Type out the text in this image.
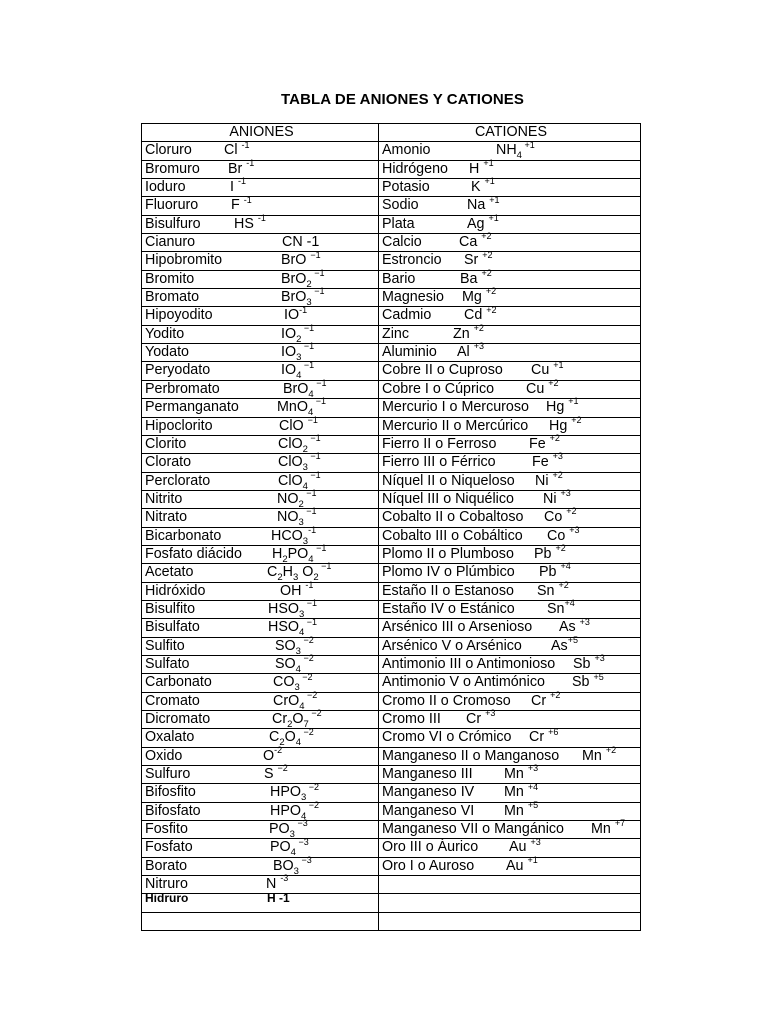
TABLA DE ANIONES Y CATIONES
ANIONES	CATIONES

Cloruro Cl $^{-1}$	Amonio $NH_4$ $^{+1}$

Bromuro Br $^{-1}$	Hidrógeno H $^{+1}$

Ioduro I $^{-1}$	Potasio K $^{+1}$

Fluoruro F $^{-1}$	Sodio Na $^{+1}$

Bisulfuro HS $^{-1}$	Plata Ag $^{+1}$

Cianuro CN -1	Calcio Ca $^{+2}$

Hipobromito BrO $^{-1}$	Estroncio Sr $^{+2}$

Bromito BrO$_2$ $^{-1}$	Bario Ba $^{+2}$

Bromato BrO$_3$ $^{-1}$	Magnesio Mg $^{+2}$

Hipoyodito $IO^{-1}$	Cadmio Cd $^{+2}$

Yodito $IO_2$ $^{-1}$	Zinc Zn $^{+2}$

Yodato $IO_3$ $^{-1}$	Aluminio Al $^{+3}$

Peryodato $IO_4$ $^{-1}$	Cobre II o Cuproso Cu $^{+1}$

Perbromato BrO$_4$ $^{-1}$	Cobre I o Cúprico Cu $^{+2}$

Permanganato MnO$_4$ $^{-1}$	Mercurio I o Mercuroso Hg $^{+1}$

Hipoclorito ClO $^{-1}$	Mercurio II o Mercúrico Hg $^{+2}$

Clorito ClO$_2$ $^{-1}$	Fierro II o Ferroso Fe $^{+2}$

Clorato ClO$_3$ $^{-1}$	Fierro III o Férrico Fe $^{+3}$

Perclorato ClO$_4$ $^{-1}$	Níquel II o Niqueloso Ni $^{+2}$

Nitrito $NO_2$ $^{-1}$	Níquel III o Niquélico Ni $^{+3}$

Nitrato $NO_3$ $^{-1}$	Cobalto II o Cobaltoso Co $^{+2}$

Bicarbonato $HCO_3^{-1}$	Cobalto III o Cobáltico Co $^{+3}$

Fosfato diácido $H_2PO_4$ $^{-1}$	Plomo II o Plumboso Pb $^{+2}$

Acetato $C_2H_3$ $O_2$ $^{-1}$	Plomo IV o Plúmbico Pb $^{+4}$

Hidróxido OH $^{-1}$	Estaño II o Estanoso Sn $^{+2}$

Bisulfito $HSO_3$ $^{-1}$	Estaño IV o Estánico $Sn^{+4}$

Bisulfato $HSO_4$ $^{-1}$	Arsénico III o Arsenioso As $^{+3}$

Sulfito $SO_3$ $^{-2}$	Arsénico V o Arsénico $As^{+5}$

Sulfato $SO_4$ $^{-2}$	Antimonio III o Antimonioso Sb $^{+3}$

Carbonato $CO_3$ $^{-2}$	Antimonio V o Antimónico Sb $^{+5}$

Cromato CrO$_4$ $^{-2}$	Cromo II o Cromoso Cr $^{+2}$

Dicromato $Cr_2O_7$ $^{-2}$	Cromo III Cr $^{+3}$

Oxalato $C_2O_4$ $^{-2}$	Cromo VI o Crómico Cr $^{+6}$

Oxido $O^{-2}$	Manganeso II o Manganoso Mn $^{+2}$

Sulfuro S $^{-2}$	Manganeso III Mn $^{+3}$

Bifosfito $HPO_3$ $^{-2}$	Manganeso IV Mn $^{+4}$

Bifosfato $HPO_4$ $^{-2}$	Manganeso VI Mn $^{+5}$

Fosfito $PO_3$ $^{-3}$	Manganeso VII o Mangánico Mn $^{+7}$

Fosfato $PO_4$ $^{-3}$	Oro III o Áurico Au $^{+3}$

Borato $BO_3$ $^{-3}$	Oro I o Auroso Au $^{+1}$

Nitruro N $^{-3}$

Hidruro H -1	
